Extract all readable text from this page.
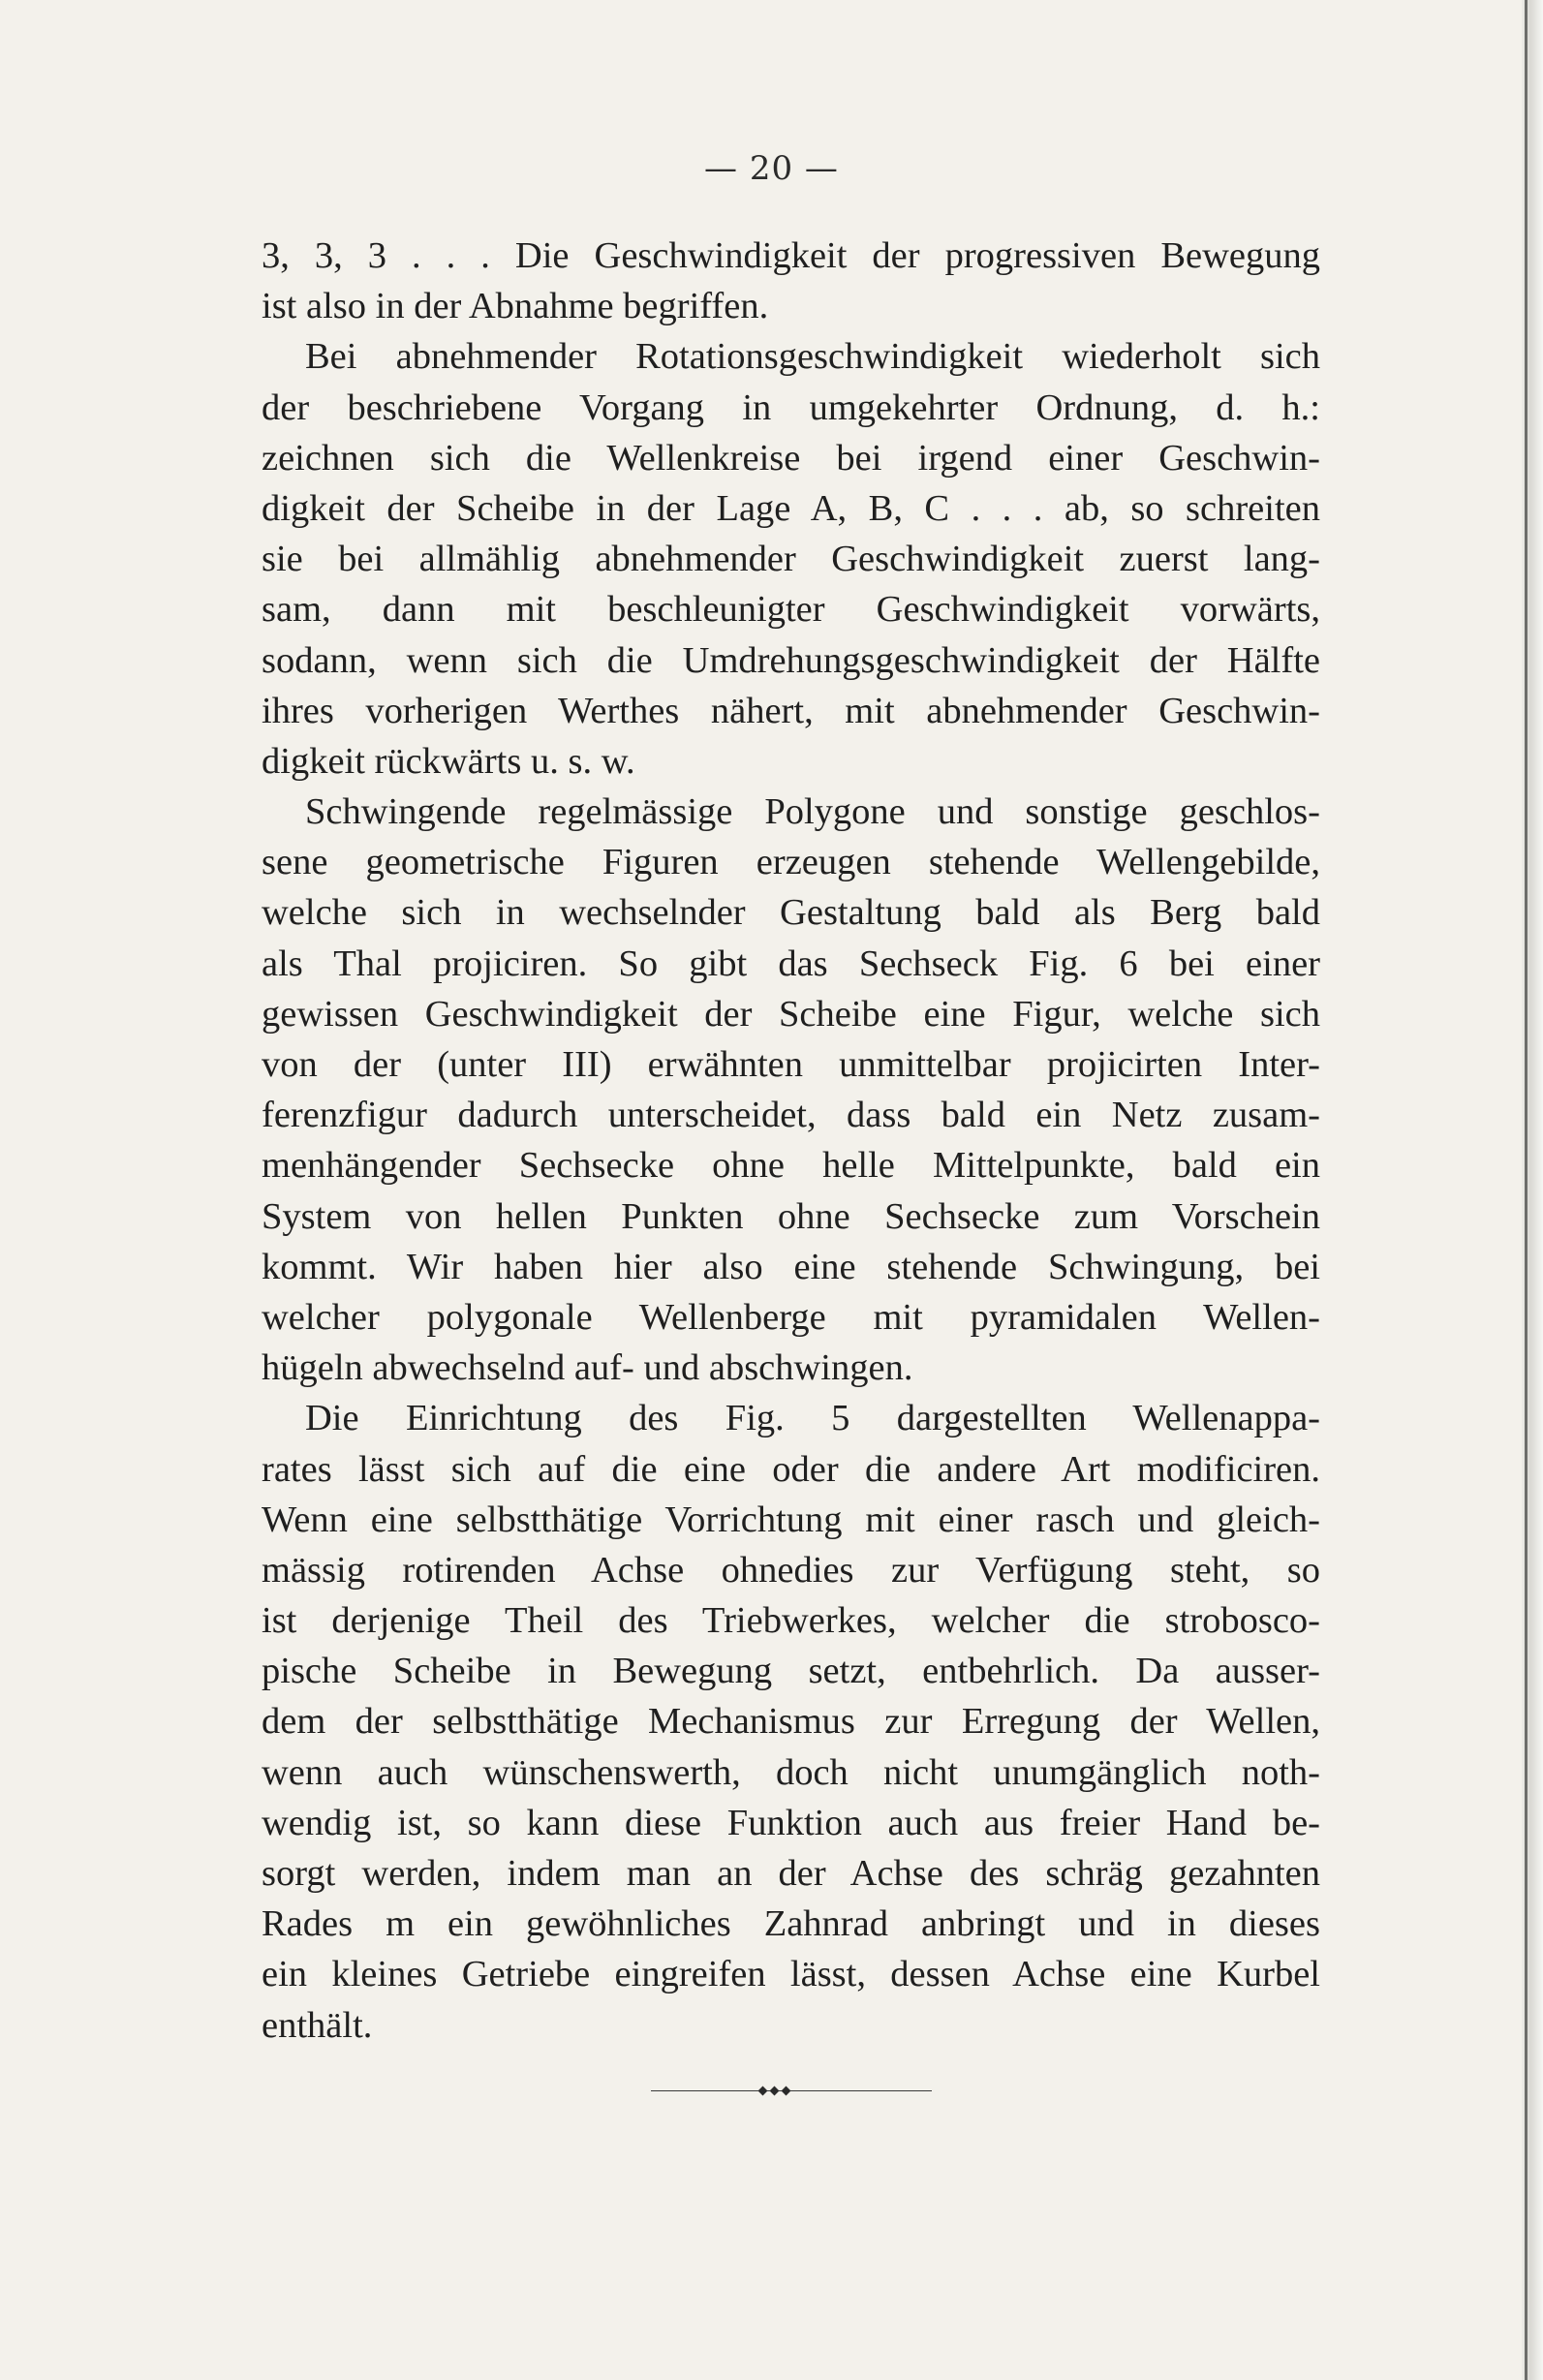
— 20 —
3, 3, 3 . . . Die Geschwindigkeit der progressiven Bewegung
ist also in der Abnahme begriffen.
Bei abnehmender Rotationsgeschwindigkeit wiederholt sich
der beschriebene Vorgang in umgekehrter Ordnung, d. h.:
zeichnen sich die Wellenkreise bei irgend einer Geschwin-
digkeit der Scheibe in der Lage A, B, C . . . ab, so schreiten
sie bei allmählig abnehmender Geschwindigkeit zuerst lang-
sam, dann mit beschleunigter Geschwindigkeit vorwärts,
sodann, wenn sich die Umdrehungsgeschwindigkeit der Hälfte
ihres vorherigen Werthes nähert, mit abnehmender Geschwin-
digkeit rückwärts u. s. w.
Schwingende regelmässige Polygone und sonstige geschlos-
sene geometrische Figuren erzeugen stehende Wellengebilde,
welche sich in wechselnder Gestaltung bald als Berg bald
als Thal projiciren. So gibt das Sechseck Fig. 6 bei einer
gewissen Geschwindigkeit der Scheibe eine Figur, welche sich
von der (unter III) erwähnten unmittelbar projicirten Inter-
ferenzfigur dadurch unterscheidet, dass bald ein Netz zusam-
menhängender Sechsecke ohne helle Mittelpunkte, bald ein
System von hellen Punkten ohne Sechsecke zum Vorschein
kommt. Wir haben hier also eine stehende Schwingung, bei
welcher polygonale Wellenberge mit pyramidalen Wellen-
hügeln abwechselnd auf- und abschwingen.
Die Einrichtung des Fig. 5 dargestellten Wellenappa-
rates lässt sich auf die eine oder die andere Art modificiren.
Wenn eine selbstthätige Vorrichtung mit einer rasch und gleich-
mässig rotirenden Achse ohnedies zur Verfügung steht, so
ist derjenige Theil des Triebwerkes, welcher die strobosco-
pische Scheibe in Bewegung setzt, entbehrlich. Da ausser-
dem der selbstthätige Mechanismus zur Erregung der Wellen,
wenn auch wünschenswerth, doch nicht unumgänglich noth-
wendig ist, so kann diese Funktion auch aus freier Hand be-
sorgt werden, indem man an der Achse des schräg gezahnten
Rades m ein gewöhnliches Zahnrad anbringt und in dieses
ein kleines Getriebe eingreifen lässt, dessen Achse eine Kurbel
enthält.
